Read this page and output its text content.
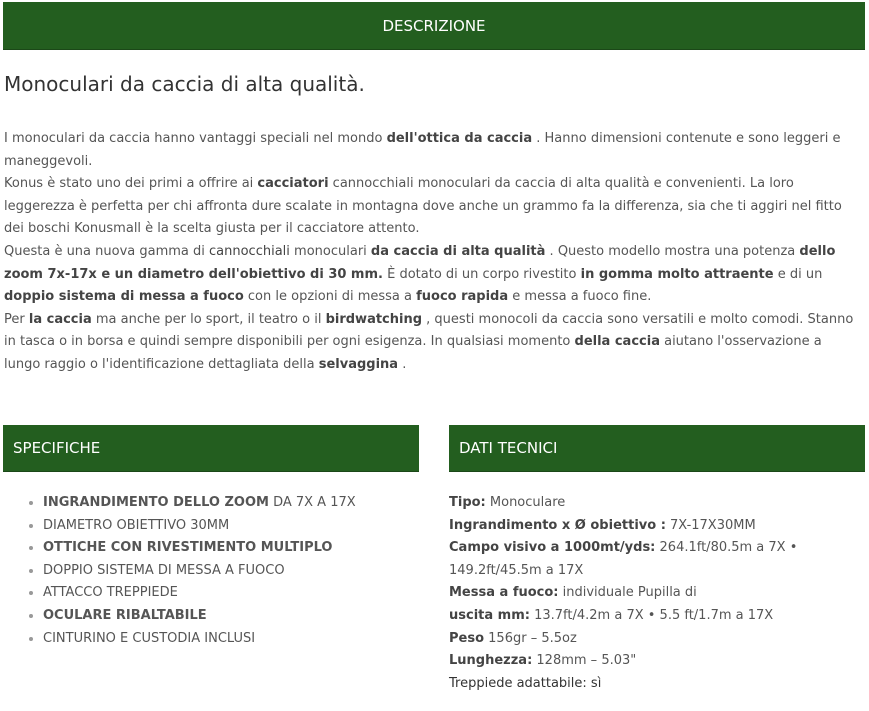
DESCRIZIONE
Monoculari da caccia di alta qualità.

I monoculari da caccia hanno vantaggi speciali nel mondo dell'ottica da caccia . Hanno dimensioni contenute e sono leggeri e maneggevoli.

Konus è stato uno dei primi a offrire ai cacciatori cannocchiali monoculari da caccia di alta qualità e convenienti. La loro leggerezza è perfetta per chi affronta dure scalate in montagna dove anche un grammo fa la differenza, sia che ti aggiri nel fitto dei boschi Konusmall è la scelta giusta per il cacciatore attento.

Questa è una nuova gamma di cannocchiali monoculari da caccia di alta qualità . Questo modello mostra una potenza dello zoom 7x-17x e un diametro dell'obiettivo di 30 mm. È dotato di un corpo rivestito in gomma molto attraente e di un doppio sistema di messa a fuoco con le opzioni di messa a fuoco rapida e messa a fuoco fine.

Per la caccia ma anche per lo sport, il teatro o il birdwatching , questi monocoli da caccia sono versatili e molto comodi. Stanno in tasca o in borsa e quindi sempre disponibili per ogni esigenza. In qualsiasi momento della caccia aiutano l'osservazione a lungo raggio o l'identificazione dettagliata della selvaggina .

SPECIFICHE	DATI TECNICI
• INGRANDIMENTO DELLO ZOOM DA 7X A 17X
• DIAMETRO OBIETTIVO 30MM
• OTTICHE CON RIVESTIMENTO MULTIPLO
• DOPPIO SISTEMA DI MESSA A FUOCO
• ATTACCO TREPPIEDE
• OCULARE RIBALTABILE
• CINTURINO E CUSTODIA INCLUSI
Tipo: Monoculare
Ingrandimento x Ø obiettivo : 7X-17X30MM
Campo visivo a 1000mt/yds: 264.1ft/80.5m a 7X • 149.2ft/45.5m a 17X
Messa a fuoco: individuale Pupilla di
uscita mm: 13.7ft/4.2m a 7X • 5.5 ft/1.7m a 17X
Peso 156gr – 5.5oz
Lunghezza: 128mm – 5.03"
Treppiede adattabile: sì
